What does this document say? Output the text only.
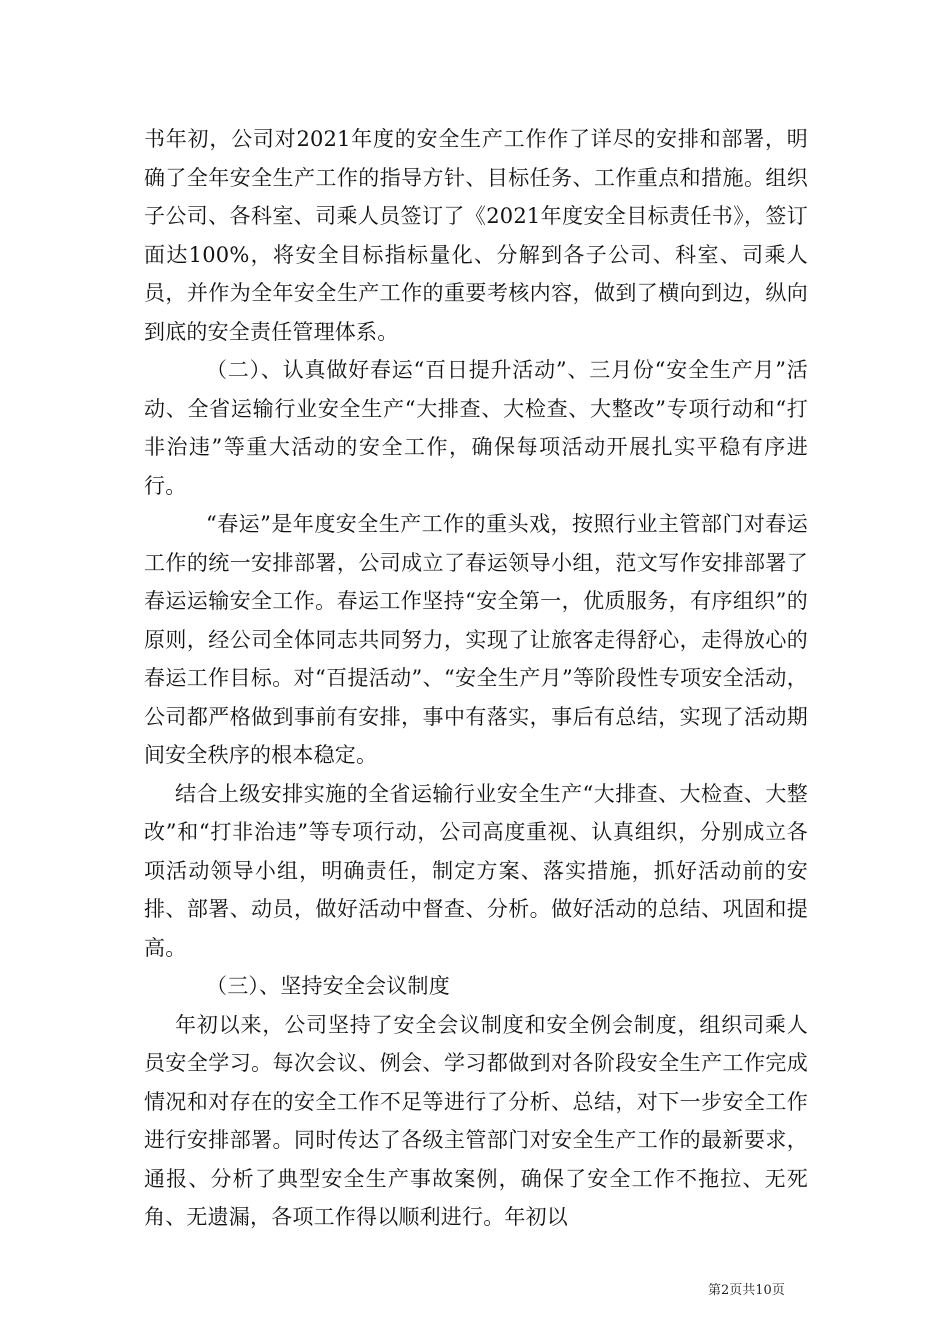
书年初，公司对2021年度的安全生产工作作了详尽的安排和部署，明确了全年安全生产工作的指导方针、目标任务、工作重点和措施。组织子公司、各科室、司乘人员签订了《2021年度安全目标责任书》，签订面达100%，将安全目标指标量化、分解到各子公司、科室、司乘人员，并作为全年安全生产工作的重要考核内容，做到了横向到边，纵向到底的安全责任管理体系。

（二）、认真做好春运“百日提升活动”、三月份“安全生产月”活动、全省运输行业安全生产“大排查、大检查、大整改”专项行动和“打非治违”等重大活动的安全工作，确保每项活动开展扎实平稳有序进行。

“春运”是年度安全生产工作的重头戏，按照行业主管部门对春运工作的统一安排部署，公司成立了春运领导小组，范文写作安排部署了春运运输安全工作。春运工作坚持“安全第一，优质服务，有序组织”的原则，经公司全体同志共同努力，实现了让旅客走得舒心，走得放心的春运工作目标。对“百提活动”、“安全生产月”等阶段性专项安全活动，公司都严格做到事前有安排，事中有落实，事后有总结，实现了活动期间安全秩序的根本稳定。

结合上级安排实施的全省运输行业安全生产“大排查、大检查、大整改”和“打非治违”等专项行动，公司高度重视、认真组织，分别成立各项活动领导小组，明确责任，制定方案、落实措施，抓好活动前的安排、部署、动员，做好活动中督查、分析。做好活动的总结、巩固和提高。

（三）、坚持安全会议制度

年初以来，公司坚持了安全会议制度和安全例会制度，组织司乘人员安全学习。每次会议、例会、学习都做到对各阶段安全生产工作完成情况和对存在的安全工作不足等进行了分析、总结，对下一步安全工作进行安排部署。同时传达了各级主管部门对安全生产工作的最新要求，通报、分析了典型安全生产事故案例，确保了安全工作不拖拉、无死角、无遗漏，各项工作得以顺利进行。年初以

第2页共10页
